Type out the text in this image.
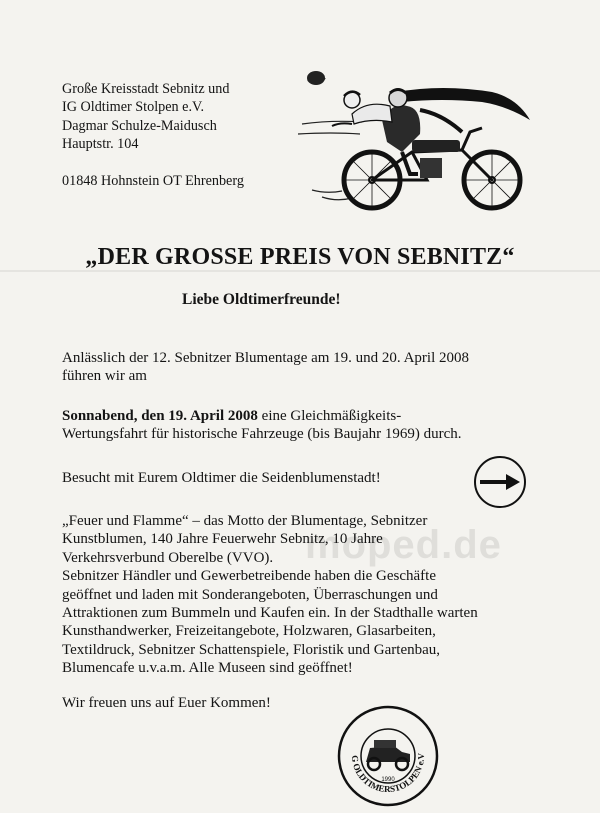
Große Kreisstadt Sebnitz und
IG Oldtimer Stolpen e.V.
Dagmar Schulze-Maidusch
Hauptstr. 104
01848 Hohnstein OT Ehrenberg
„DER GROSSE PREIS VON SEBNITZ“
Liebe Oldtimerfreunde!
Anlässlich der 12. Sebnitzer Blumentage am 19. und 20. April 2008
führen wir am
Sonnabend, den 19. April 2008 eine Gleichmäßigkeits-
Wertungsfahrt für historische Fahrzeuge (bis Baujahr 1969) durch.
Besucht mit Eurem Oldtimer die Seidenblumenstadt!
„Feuer und Flamme“ – das Motto der Blumentage, Sebnitzer
Kunstblumen, 140 Jahre Feuerwehr Sebnitz, 10 Jahre
Verkehrsverbund Oberelbe (VVO).
Sebnitzer Händler und Gewerbetreibende haben die Geschäfte
geöffnet und laden mit Sonderangeboten, Überraschungen und
Attraktionen zum Bummeln und Kaufen ein. In der Stadthalle warten
Kunsthandwerker, Freizeitangebote, Holzwaren, Glasarbeiten,
Textildruck, Sebnitzer Schattenspiele, Floristik und Gartenbau,
Blumencafe u.v.a.m. Alle Museen sind geöffnet!
moped.de
Wir freuen uns auf Euer Kommen!
1990
G OLDTIMERSTOLPEN e.V
